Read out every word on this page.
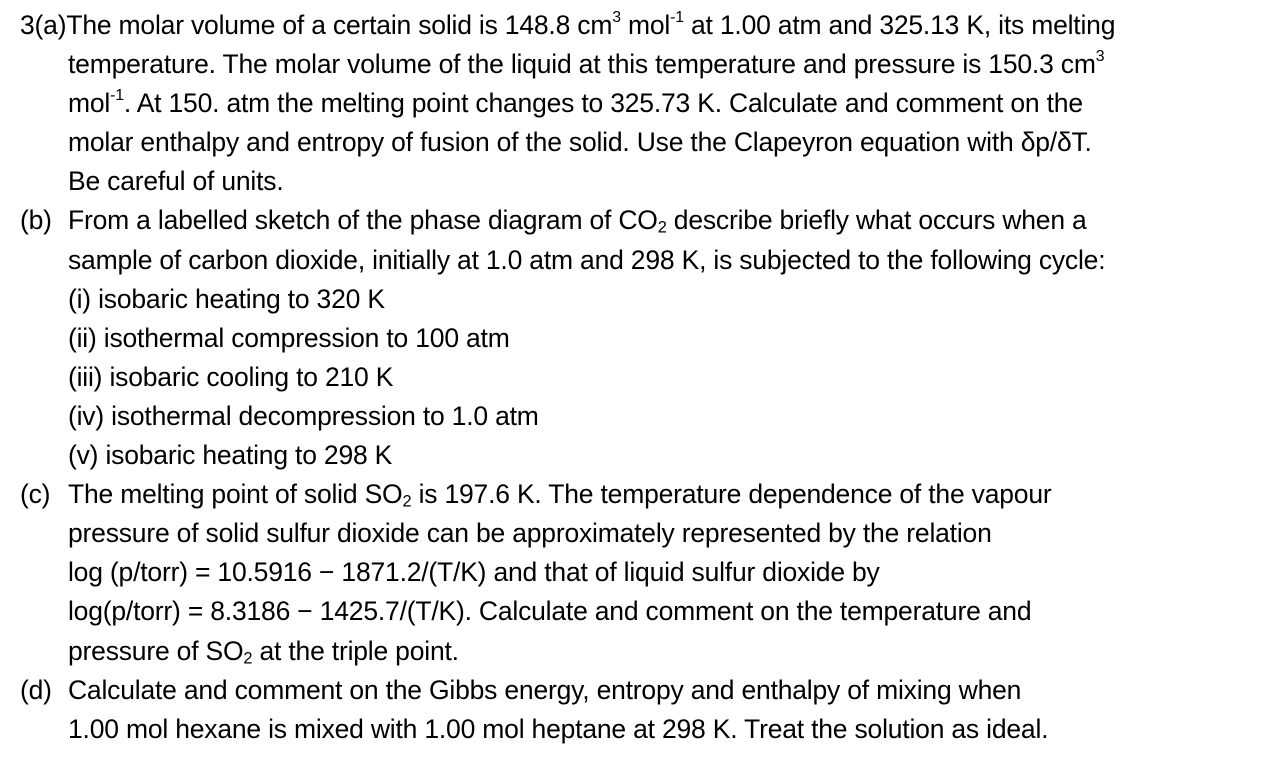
3(a)The molar volume of a certain solid is 148.8 $cm^3$ mol$^{-1}$ at 1.00 atm and 325.13 K, its melting
temperature. The molar volume of the liquid at this temperature and pressure is 150.3 $cm^3$
mol$^{-1}$. At 150. atm the melting point changes to 325.73 K. Calculate and comment on the
molar enthalpy and entropy of fusion of the solid. Use the Clapeyron equation with δp/δT.
Be careful of units.
(b) From a labelled sketch of the phase diagram of $CO_2$ describe briefly what occurs when a
sample of carbon dioxide, initially at 1.0 atm and 298 K, is subjected to the following cycle:
(i) isobaric heating to 320 K
(ii) isothermal compression to 100 atm
(iii) isobaric cooling to 210 K
(iv) isothermal decompression to 1.0 atm
(v) isobaric heating to 298 K
(c) The melting point of solid $SO_2$ is 197.6 K. The temperature dependence of the vapour
pressure of solid sulfur dioxide can be approximately represented by the relation
log (p/torr) = 10.5916 − 1871.2/(T/K) and that of liquid sulfur dioxide by
log(p/torr) = 8.3186 − 1425.7/(T/K). Calculate and comment on the temperature and
pressure of $SO_2$ at the triple point.
(d) Calculate and comment on the Gibbs energy, entropy and enthalpy of mixing when
1.00 mol hexane is mixed with 1.00 mol heptane at 298 K. Treat the solution as ideal.
